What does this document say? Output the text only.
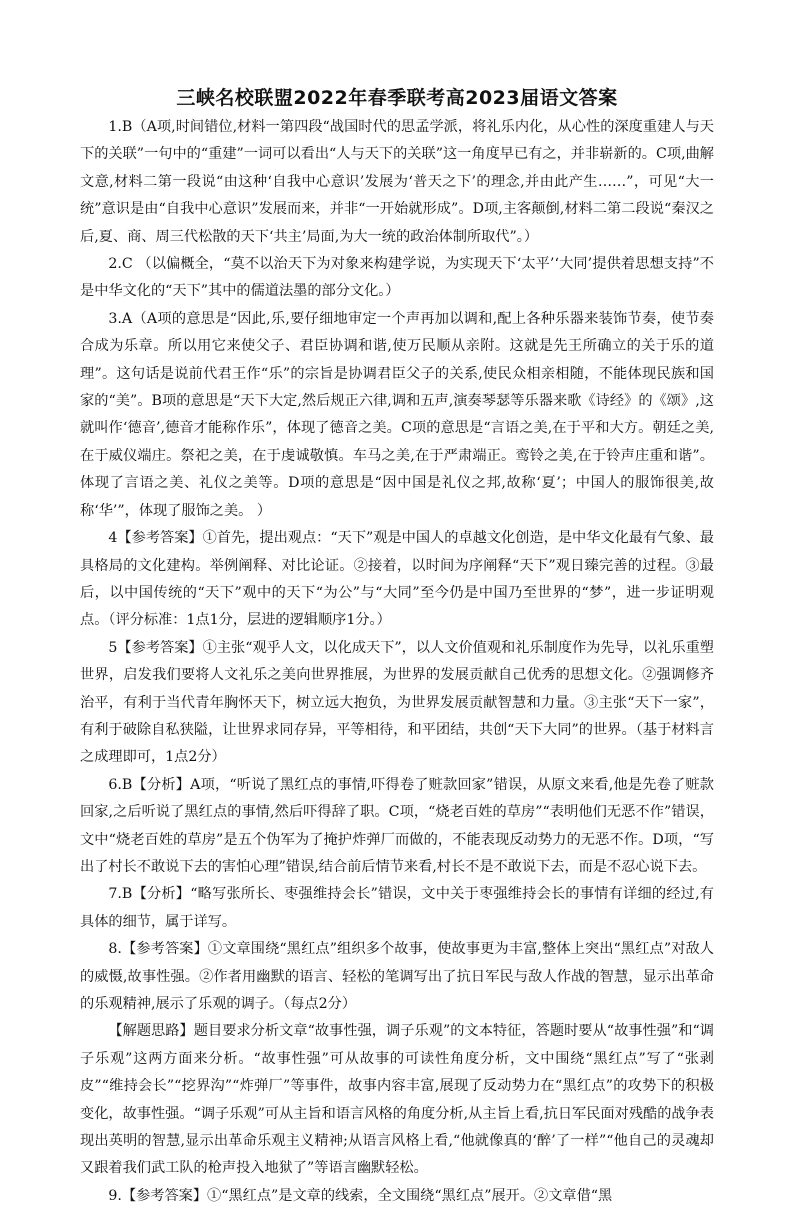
三峡名校联盟2022年春季联考高2023届语文答案

1.B（A项,时间错位,材料一第四段“战国时代的思孟学派，将礼乐内化，从心性的深度重建人与天下的关联”一句中的“重建”一词可以看出“人与天下的关联”这一角度早已有之，并非崭新的。C项,曲解文意,材料二第一段说“由这种‘自我中心意识’发展为‘普天之下’的理念,并由此产生……”，可见“大一统”意识是由“自我中心意识”发展而来，并非“一开始就形成”。D项,主客颠倒,材料二第二段说“秦汉之后,夏、商、周三代松散的天下‘共主’局面,为大一统的政治体制所取代”。）

2.C （以偏概全，“莫不以治天下为对象来构建学说，为实现天下‘太平’‘大同’提供着思想支持”不是中华文化的“天下”其中的儒道法墨的部分文化。）

3.A（A项的意思是“因此,乐,要仔细地审定一个声再加以调和,配上各种乐器来装饰节奏，使节奏合成为乐章。所以用它来使父子、君臣协调和谐,使万民顺从亲附。这就是先王所确立的关于乐的道理”。这句话是说前代君王作“乐”的宗旨是协调君臣父子的关系,使民众相亲相随，不能体现民族和国家的“美”。B项的意思是“天下大定,然后规正六律,调和五声,演奏琴瑟等乐器来歌《诗经》的《颂》,这就叫作‘德音’,德音才能称作乐”，体现了德音之美。C项的意思是“言语之美,在于平和大方。朝廷之美,在于威仪端庄。祭祀之美，在于虔诚敬慎。车马之美,在于严肃端正。鸾铃之美,在于铃声庄重和谐”。体现了言语之美、礼仪之美等。D项的意思是“因中国是礼仪之邦,故称‘夏’；中国人的服饰很美,故称‘华’”，体现了服饰之美。 ）

4【参考答案】①首先，提出观点：“天下”观是中国人的卓越文化创造，是中华文化最有气象、最具格局的文化建构。举例阐释、对比论证。②接着，以时间为序阐释“天下”观日臻完善的过程。③最后，以中国传统的“天下”观中的天下“为公”与“大同”至今仍是中国乃至世界的“梦”，进一步证明观点。（评分标准：1点1分，层进的逻辑顺序1分。）

5【参考答案】①主张“观乎人文，以化成天下”，以人文价值观和礼乐制度作为先导，以礼乐重塑世界，启发我们要将人文礼乐之美向世界推展，为世界的发展贡献自己优秀的思想文化。②强调修齐治平，有利于当代青年胸怀天下，树立远大抱负，为世界发展贡献智慧和力量。③主张“天下一家”，有利于破除自私狭隘，让世界求同存异，平等相待，和平团结，共创“天下大同”的世界。（基于材料言之成理即可，1点2分）

6.B【分析】A项，“听说了黑红点的事情,吓得卷了赃款回家”错误，从原文来看,他是先卷了赃款回家,之后听说了黑红点的事情,然后吓得辞了职。C项，“烧老百姓的草房”“表明他们无恶不作”错误，文中“烧老百姓的草房”是五个伪军为了掩护炸弹厂而做的，不能表现反动势力的无恶不作。D项，“写出了村长不敢说下去的害怕心理”错误,结合前后情节来看,村长不是不敢说下去，而是不忍心说下去。

7.B【分析】“略写张所长、枣强维持会长”错误，文中关于枣强维持会长的事情有详细的经过,有具体的细节，属于详写。

8.【参考答案】①文章围绕“黑红点”组织多个故事，使故事更为丰富,整体上突出“黑红点”对敌人的威慑,故事性强。②作者用幽默的语言、轻松的笔调写出了抗日军民与敌人作战的智慧，显示出革命的乐观精神,展示了乐观的调子。（每点2分）

【解题思路】题目要求分析文章“故事性强，调子乐观”的文本特征，答题时要从“故事性强”和“调子乐观”这两方面来分析。“故事性强”可从故事的可读性角度分析，文中围绕“黑红点”写了“张剥皮”“维持会长”“挖界沟”“炸弹厂”等事件，故事内容丰富,展现了反动势力在“黑红点”的攻势下的积极变化，故事性强。“调子乐观”可从主旨和语言风格的角度分析,从主旨上看,抗日军民面对残酷的战争表现出英明的智慧,显示出革命乐观主义精神;从语言风格上看,“他就像真的‘醉’了一样”“他自己的灵魂却又跟着我们武工队的枪声投入地狱了”等语言幽默轻松。

9.【参考答案】①“黑红点”是文章的线索，全文围绕“黑红点”展开。②文章借“黑
